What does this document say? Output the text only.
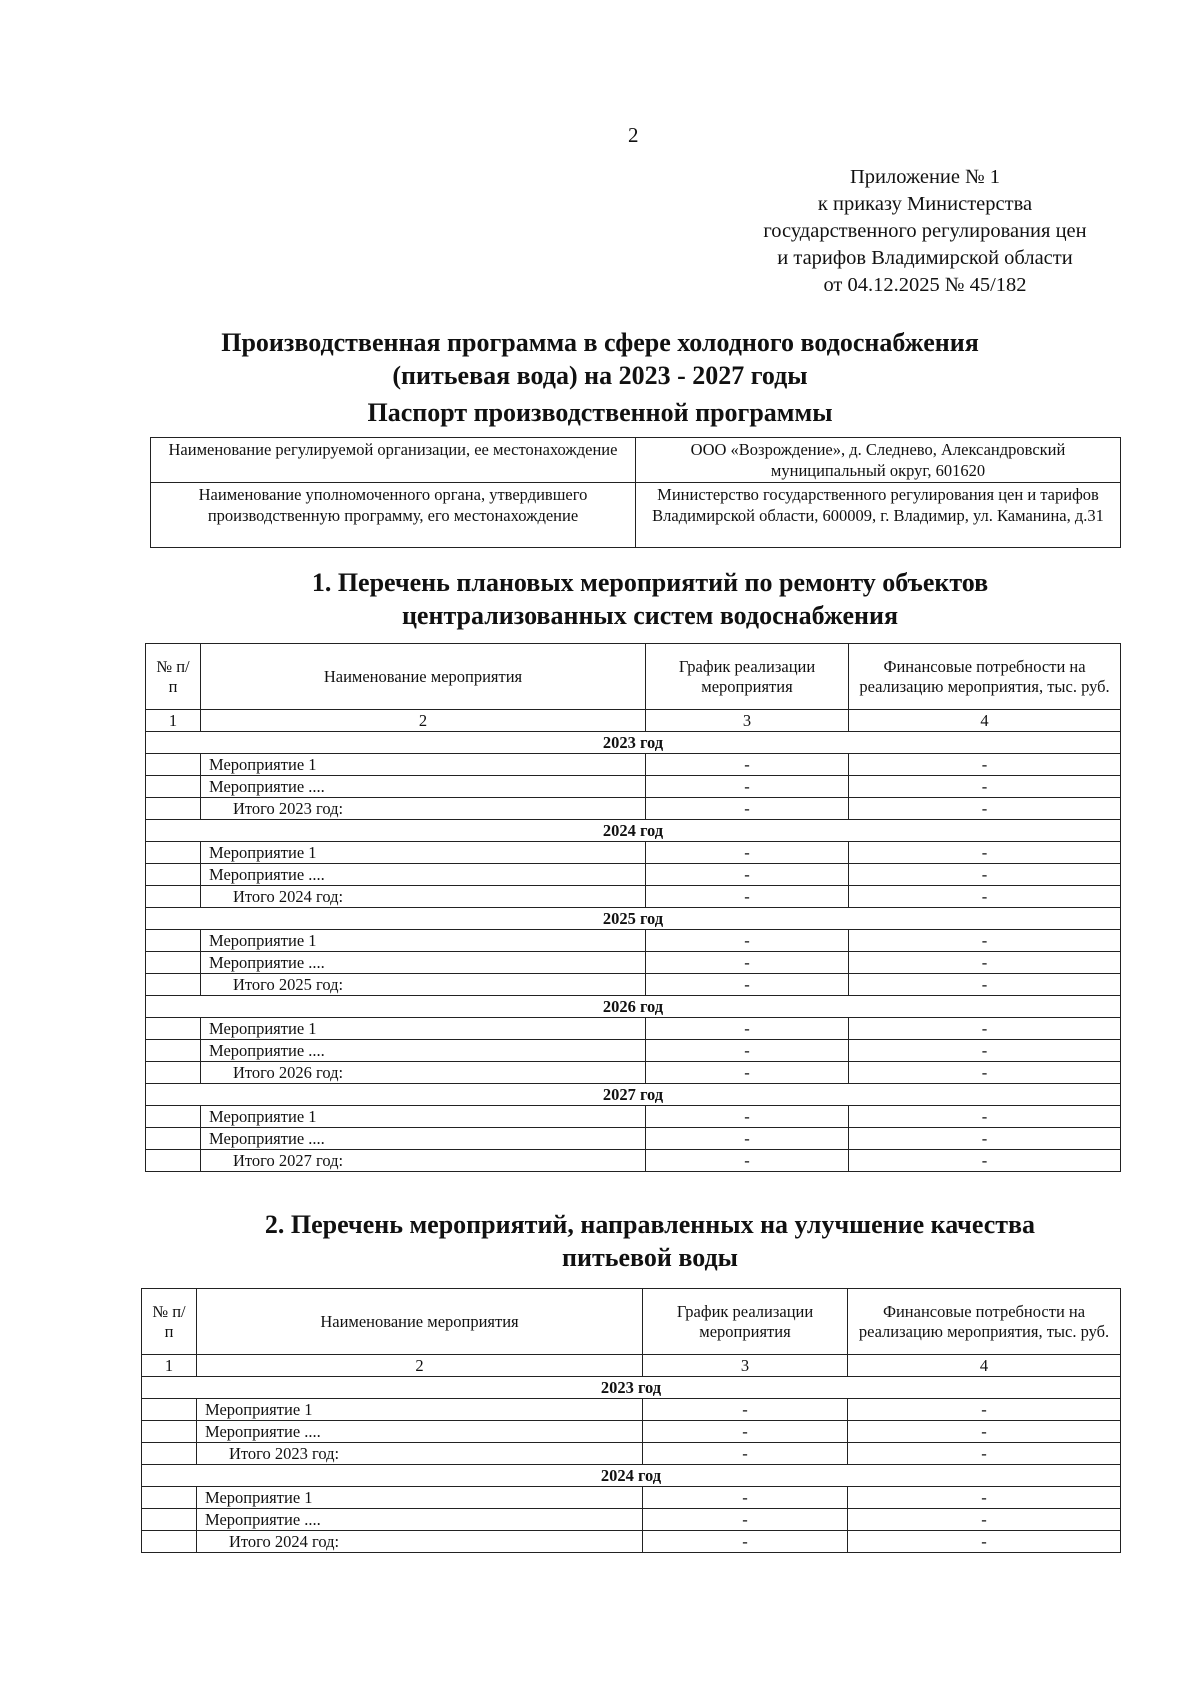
2
Приложение № 1
к приказу Министерства
государственного регулирования цен
и тарифов Владимирской области
от 04.12.2025 № 45/182
Производственная программа в сфере холодного водоснабжения
(питьевая вода) на 2023 - 2027 годы
Паспорт производственной программы
Наименование регулируемой организации, ее местонахождение	ООО «Возрождение», д. Следнево, Александровский муниципальный округ, 601620
Наименование уполномоченного органа, утвердившего производственную программу, его местонахождение	Министерство государственного регулирования цен и тарифов Владимирской области, 600009, г. Владимир, ул. Каманина, д.31
1. Перечень плановых мероприятий по ремонту объектов
централизованных систем водоснабжения
№ п/п	Наименование мероприятия	График реализации мероприятия	Финансовые потребности на реализацию мероприятия, тыс. руб.
1	2	3	4
2023 год			
	Мероприятие 1	-	-
	Мероприятие ....	-	-
	Итого 2023 год:	-	-
2024 год			
	Мероприятие 1	-	-
	Мероприятие ....	-	-
	Итого 2024 год:	-	-
2025 год			
	Мероприятие 1	-	-
	Мероприятие ....	-	-
	Итого 2025 год:	-	-
2026 год			
	Мероприятие 1	-	-
	Мероприятие ....	-	-
	Итого 2026 год:	-	-
2027 год			
	Мероприятие 1	-	-
	Мероприятие ....	-	-
	Итого 2027 год:	-	-
2. Перечень мероприятий, направленных на улучшение качества
питьевой воды
№ п/п	Наименование мероприятия	График реализации мероприятия	Финансовые потребности на реализацию мероприятия, тыс. руб.
1	2	3	4
2023 год			
	Мероприятие 1	-	-
	Мероприятие ....	-	-
	Итого 2023 год:	-	-
2024 год			
	Мероприятие 1	-	-
	Мероприятие ....	-	-
	Итого 2024 год:	-	-
